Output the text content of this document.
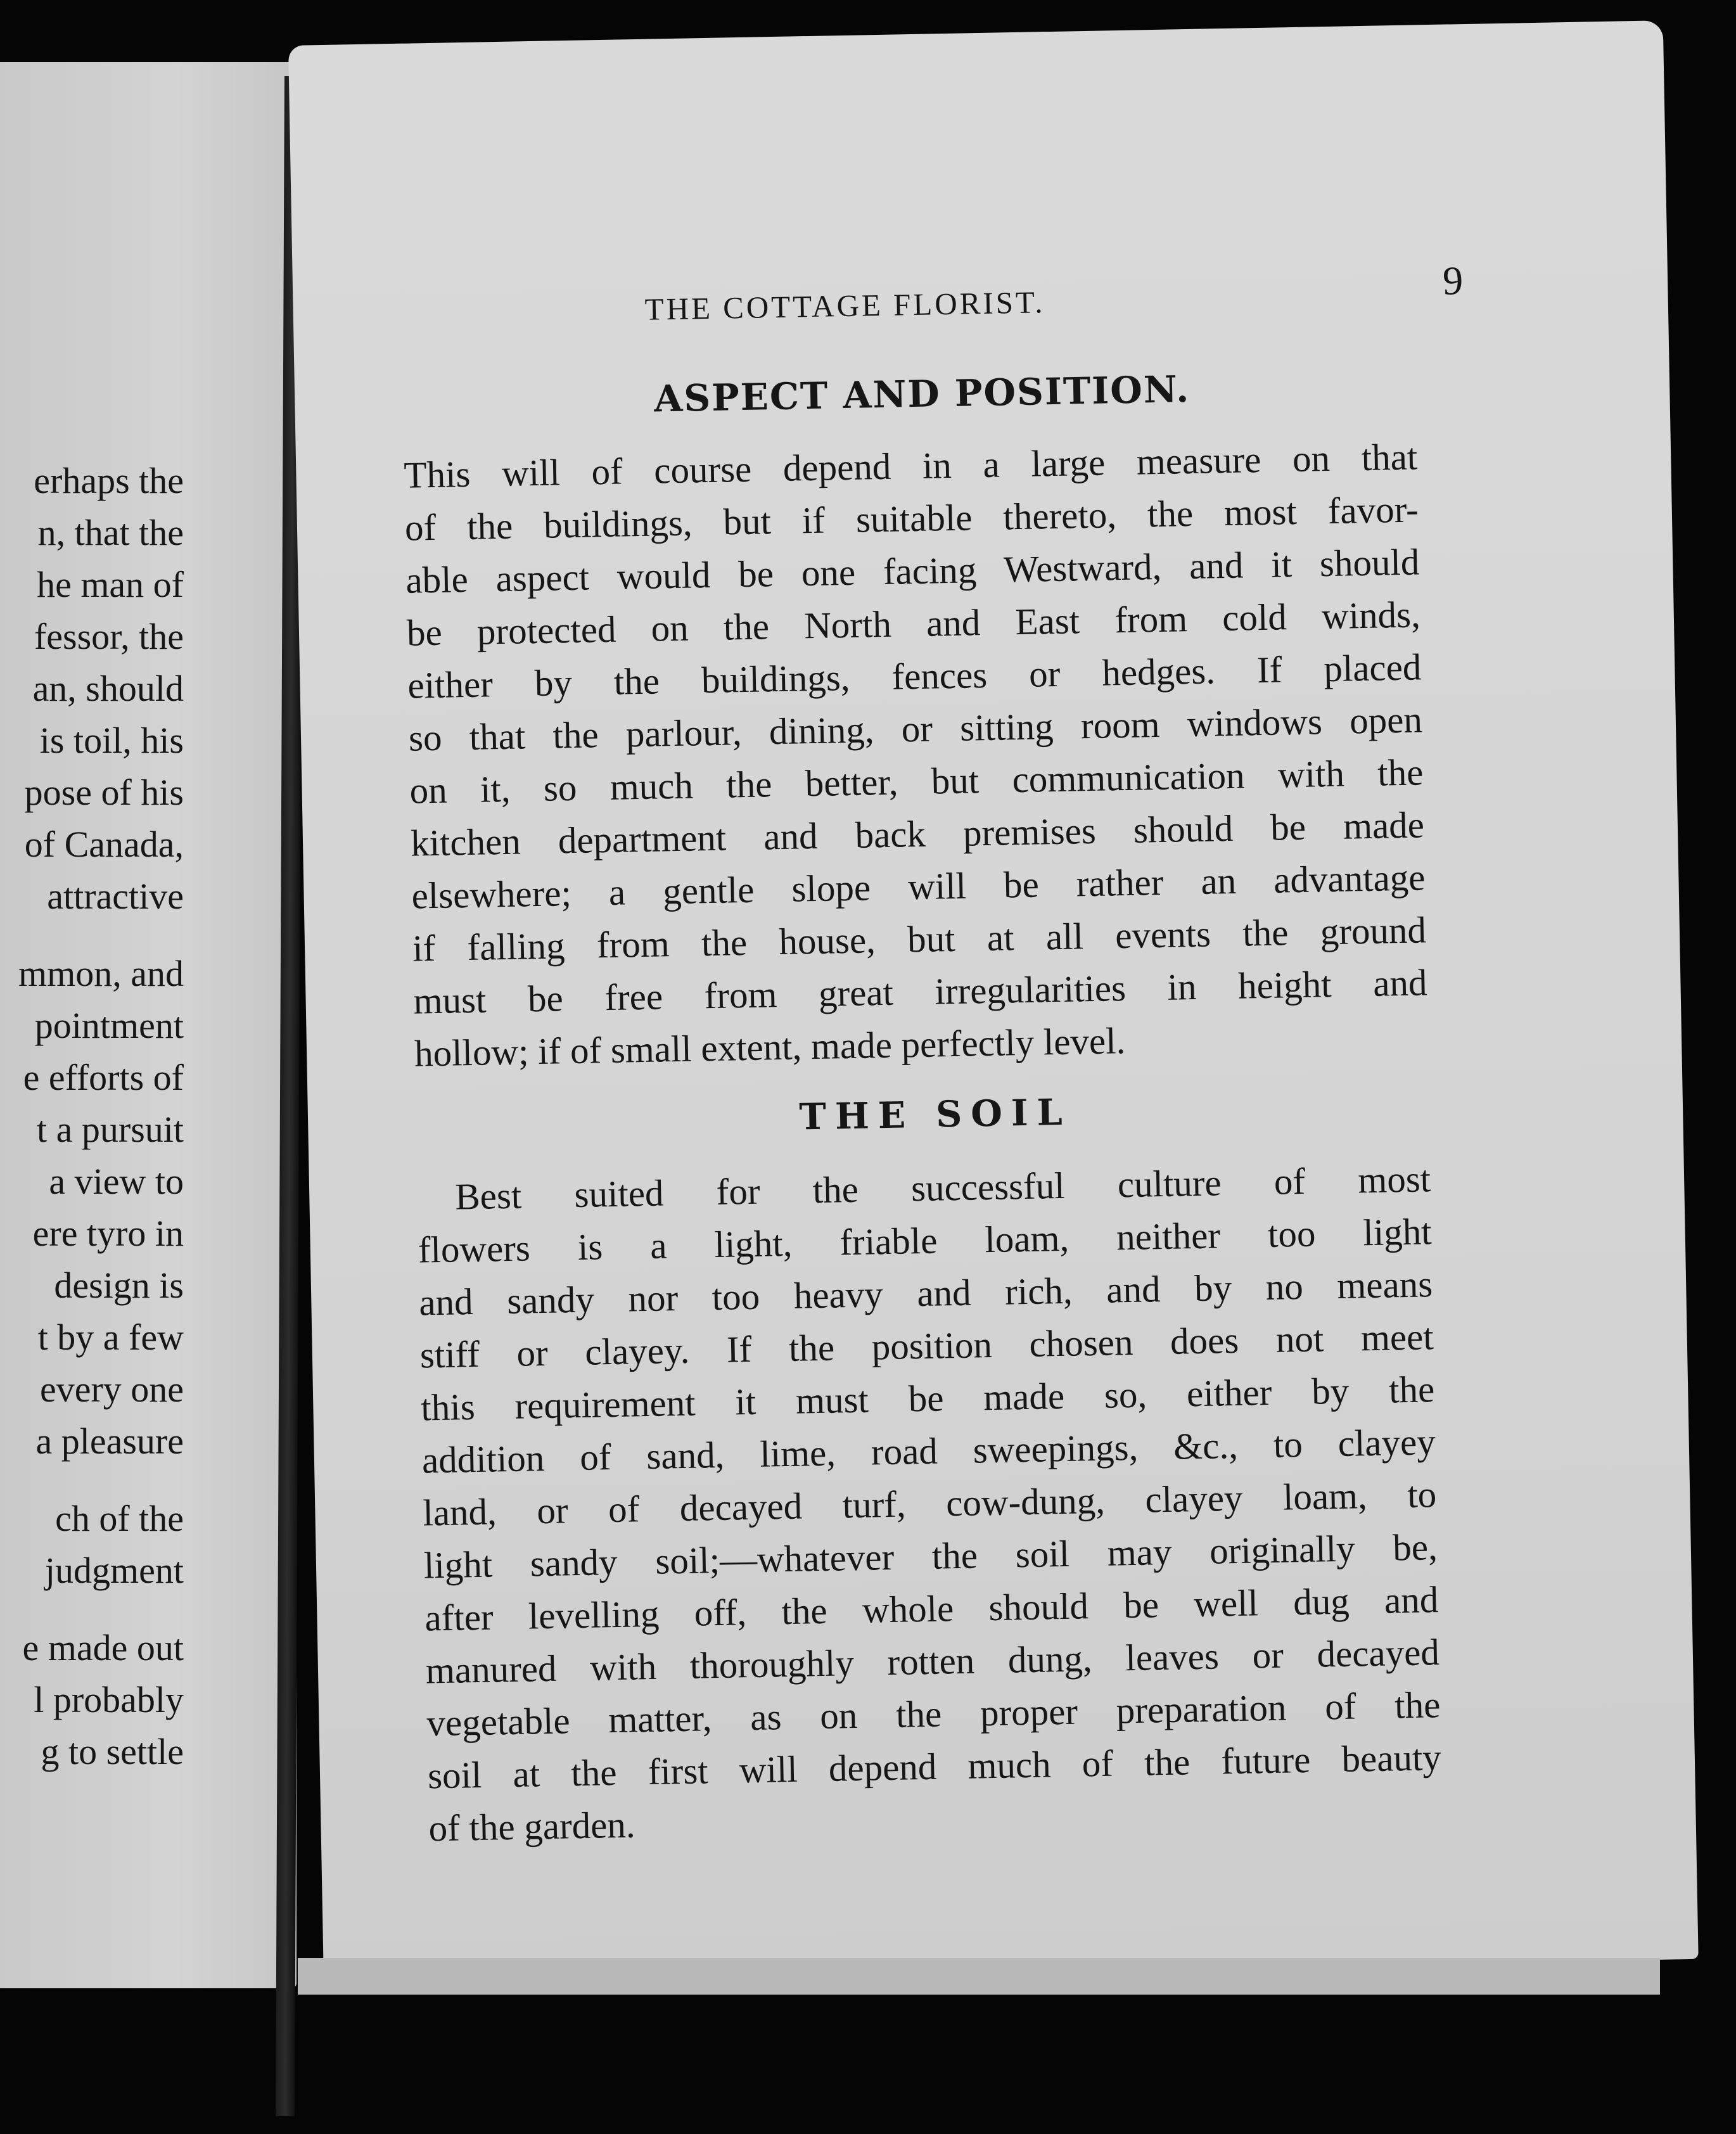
erhaps the
n, that the
he man of
fessor, the
an, should
is toil, his
pose of his
of Canada,
attractive
mmon, and
pointment
e efforts of
t a pursuit
a view to
ere tyro in
design is
t by a few
every one
a pleasure
ch of the
judgment
e made out
l probably
g to settle
THE COTTAGE FLORIST.
9
ASPECT AND POSITION.
This will of course depend in a large measure on that
of the buildings, but if suitable thereto, the most favor-
able aspect would be one facing Westward, and it should
be protected on the North and East from cold winds,
either by the buildings, fences or hedges. If placed
so that the parlour, dining, or sitting room windows open
on it, so much the better, but communication with the
kitchen department and back premises should be made
elsewhere; a gentle slope will be rather an advantage
if falling from the house, but at all events the ground
must be free from great irregularities in height and
hollow; if of small extent, made perfectly level.
THE SOIL
Best suited for the successful culture of most
flowers is a light, friable loam, neither too light
and sandy nor too heavy and rich, and by no means
stiff or clayey. If the position chosen does not meet
this requirement it must be made so, either by the
addition of sand, lime, road sweepings, &c., to clayey
land, or of decayed turf, cow-dung, clayey loam, to
light sandy soil;—whatever the soil may originally be,
after levelling off, the whole should be well dug and
manured with thoroughly rotten dung, leaves or decayed
vegetable matter, as on the proper preparation of the
soil at the first will depend much of the future beauty
of the garden.
